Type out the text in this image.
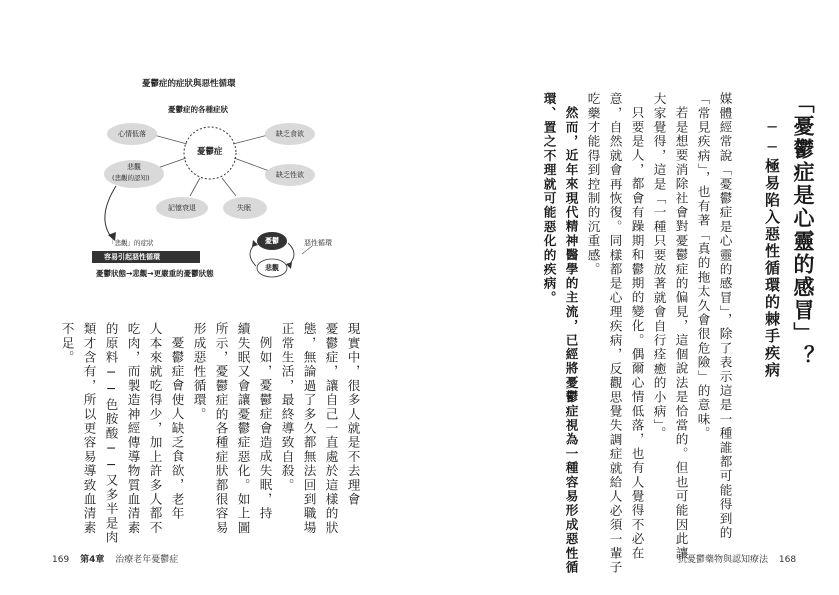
憂鬱症的症狀與惡性循環
憂鬱症的各種症狀
憂鬱症
心情低落	缺乏食欲
悲觀
(悲觀的認知)	缺乏性欲
記憶衰退	失眠
「悲觀」的症狀
容易引起惡性循環
憂鬱
悲觀
惡性循環
憂鬱狀態→悲觀→更嚴重的憂鬱狀態
現實中，很多人就是不去理會
憂鬱症，讓自己一直處於這樣的狀
態，無論過了多久都無法回到職場
正常生活，最終導致自殺。
例如，憂鬱症會造成失眠，持
續失眠又會讓憂鬱症惡化。如上圖
所示，憂鬱症的各種症狀都很容易
形成惡性循環。
憂鬱症會使人缺乏食欲，老年
人本來就吃得少，加上許多人都不
吃肉，而製造神經傳導物質血清素
的原料──色胺酸──又多半是肉
類才含有，所以更容易導致血清素
不足。
169 第4章 治療老年憂鬱症
「憂鬱症是心靈的感冒」？
──極易陷入惡性循環的棘手疾病
媒體經常說「憂鬱症是心靈的感冒」，除了表示這是一種誰都可能得到的
「常見疾病」，也有著「真的拖太久會很危險」的意味。
若是想要消除社會對憂鬱症的偏見，這個說法是恰當的。但也可能因此讓
大家覺得，這是「一種只要放著就會自行痊癒的小病」。
只要是人，都會有躁期和鬱期的變化。偶爾心情低落，也有人覺得不必在
意，自然就會再恢復。同樣都是心理疾病，反觀思覺失調症就給人必須一輩子
吃藥才能得到控制的沉重感。
然而，近年來現代精神醫學的主流，已經將憂鬱症視為一種容易形成惡性循
環、置之不理就可能惡化的疾病。
抗憂鬱藥物與認知療法 168
